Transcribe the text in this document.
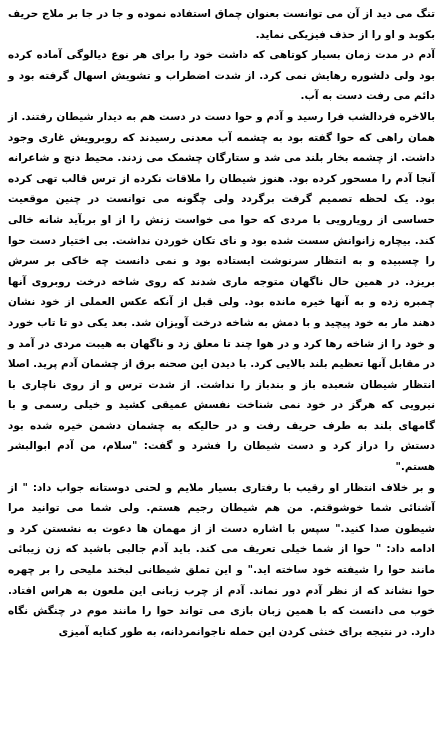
تنگ می دید از آن می توانست بعنوان چماق استفاده نموده و جا در جا بر ملاج حریف بکوبد و او را از حذف فیزیکی نماید.

آدم در مدت زمان بسیار کوتاهی که داشت خود را برای هر نوع دیالوگی آماده کرده بود ولی دلشوره رهایش نمی کرد. از شدت اضطراب و تشویش اسهال گرفته بود و دائم می رفت دست به آب.

بالاخره فردالشب فرا رسید و آدم و حوا دست در دست هم به دیدار شیطان رفتند. از همان راهی که حوا گفته بود به چشمه آب معدنی رسیدند که روبرویش غاری وجود داشت. از چشمه بخار بلند می شد و ستارگان چشمک می زدند. محیط دنج و شاعرانه آنجا آدم را مسحور کرده بود. هنوز شیطان را ملاقات نکرده از ترس قالب تهی کرده بود. یک لحظه تصمیم گرفت برگردد ولی چگونه می توانست در چنین موقعیت حساسی از رویارویی با مردی که حوا می خواست زنش را از او بربآید شانه خالی کند. بیچاره زانوانش سست شده بود و نای تکان خوردن نداشت. بی اختیار دست حوا را چسبیده و به انتظار سرنوشت ایستاده بود و نمی دانست چه خاکی بر سرش بریزد. در همین حال ناگهان متوجه ماری شدند که روی شاخه درخت روبروی آنها چمبره زده و به آنها خیره مانده بود. ولی قبل از آنکه عکس العملی از خود نشان دهند مار به خود پیچید و با دمش به شاخه درخت آویزان شد. بعد یکی دو تا تاب خورد و خود را از شاخه رها کرد و در هوا چند تا معلق زد و ناگهان به هیبت مردی در آمد و در مقابل آنها تعظیم بلند بالایی کرد. با دیدن این صحنه برق از چشمان آدم پرید. اصلا انتظار شیطان شعبده باز و بندباز را نداشت. از شدت ترس و از روی ناچاری با نیرویی که هرگز در خود نمی شناخت نفسش عمیقی کشید و خیلی رسمی و با گامهای بلند به طرف حریف رفت و در حالیکه به چشمان دشمن خیره شده بود دستش را دراز کرد و دست شیطان را فشرد و گفت: "سلام، من آدم ابوالبشر هستم."

و بر خلاف انتظار او رقیب با رفتاری بسیار ملایم و لحنی دوستانه جواب داد: " از آشنائی شما خوشوقتم. من هم شیطان رجیم هستم. ولی شما می توانید مرا شیطون صدا کنید." سپس با اشاره دست از از مهمان ها دعوت به نشستن کرد و ادامه داد: " حوا از شما خیلی تعریف می کند. باید آدم جالبی باشید که زن زیبائی مانند حوا را شیفته خود ساخته اید." و این تملق شیطانی لبخند ملیحی را بر چهره حوا نشاند که از نظر آدم دور نماند. آدم از چرب زبانی این ملعون به هراس افتاد. خوب می دانست که با همین زبان بازی می تواند حوا را مانند موم در چنگش نگاه دارد. در نتیجه برای خنثی کردن این حمله ناجوانمردانه، به طور کنایه آمیزی
